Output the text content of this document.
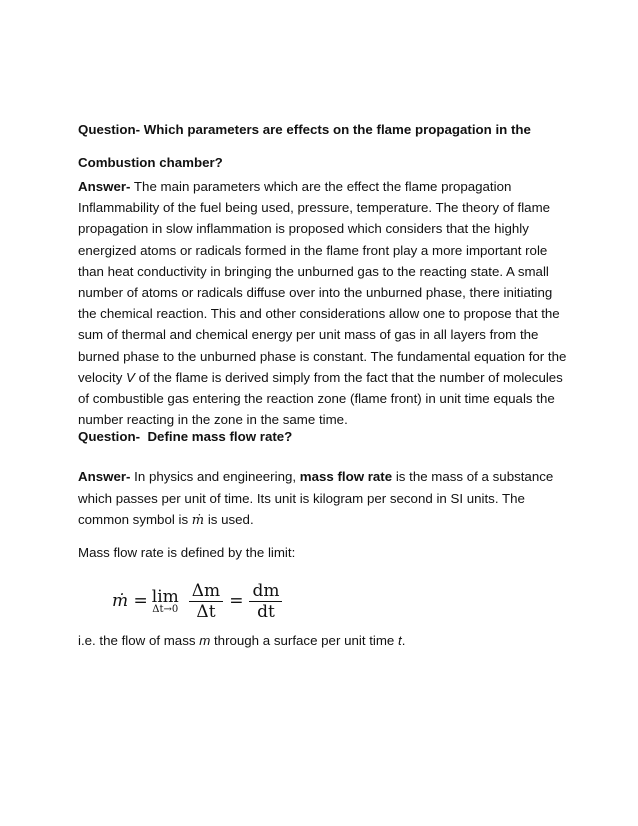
Question- Which parameters are effects on the flame propagation in the Combustion chamber?

Answer- The main parameters which are the effect the flame propagation Inflammability of the fuel being used, pressure, temperature. The theory of flame propagation in slow inflammation is proposed which considers that the highly energized atoms or radicals formed in the flame front play a more important role than heat conductivity in bringing the unburned gas to the reacting state. A small number of atoms or radicals diffuse over into the unburned phase, there initiating the chemical reaction. This and other considerations allow one to propose that the sum of thermal and chemical energy per unit mass of gas in all layers from the burned phase to the unburned phase is constant. The fundamental equation for the velocity V of the flame is derived simply from the fact that the number of molecules of combustible gas entering the reaction zone (flame front) in unit time equals the number reacting in the zone in the same time.

Question-  Define mass flow rate?

Answer- In physics and engineering, mass flow rate is the mass of a substance which passes per unit of time. Its unit is kilogram per second in SI units. The common symbol is ṁ is used.

Mass flow rate is defined by the limit:

ṁ = lim
$\Delta t\to 0 \frac{\Delta m}{\Delta t} = \frac{dm}{dt}$

i.e. the flow of mass m through a surface per unit time t.
